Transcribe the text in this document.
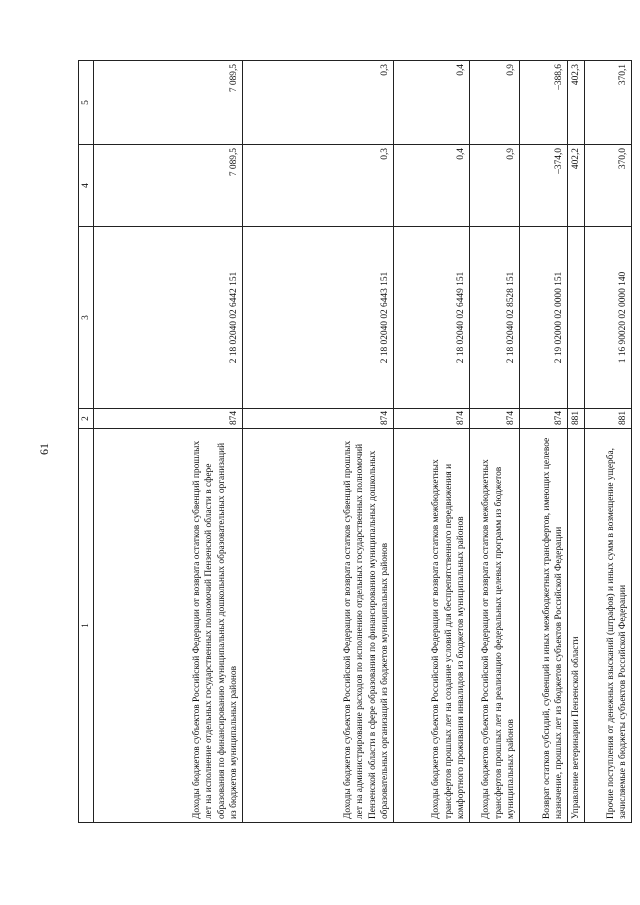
61
1	2	3	4	5
Доходы бюджетов субъектов Российской Федерации от возврата остатков субвенций прошлых лет на исполнение отдельных государственных полномочий Пензенской области в сфере образования по финансированию муниципальных дошкольных образовательных организаций из бюджетов муниципальных районов	874	2 18 02040 02 6442 151	7 089,5	7 089,5
Доходы бюджетов субъектов Российской Федерации от возврата остатков субвенций прошлых лет на администрирование расходов по исполнению отдельных государственных полномочий Пензенской области в сфере образования по финансированию муниципальных дошкольных образовательных организаций из бюджетов муниципальных районов	874	2 18 02040 02 6443 151	0,3	0,3
Доходы бюджетов субъектов Российской Федерации от возврата остатков межбюджетных трансфертов прошлых лет на создание условий для беспрепятственного передвижения и комфортного проживания инвалидов из бюджетов муниципальных районов	874	2 18 02040 02 6449 151	0,4	0,4
Доходы бюджетов субъектов Российской Федерации от возврата остатков межбюджетных трансфертов прошлых лет на реализацию федеральных целевых программ из бюджетов муниципальных районов	874	2 18 02040 02 8528 151	0,9	0,9
Возврат остатков субсидий, субвенций и иных межбюджетных трансфертов, имеющих целевое назначение, прошлых лет из бюджетов субъектов Российской Федерации	874	2 19 02000 02 0000 151	–374,0	–388,6
Управление ветеринарии Пензенской области	881		402,2	402,3
Прочие поступления от денежных взысканий (штрафов) и иных сумм в возмещение ущерба, зачисляемые в бюджеты субъектов Российской Федерации	881	1 16 90020 02 0000 140	370,0	370,1
